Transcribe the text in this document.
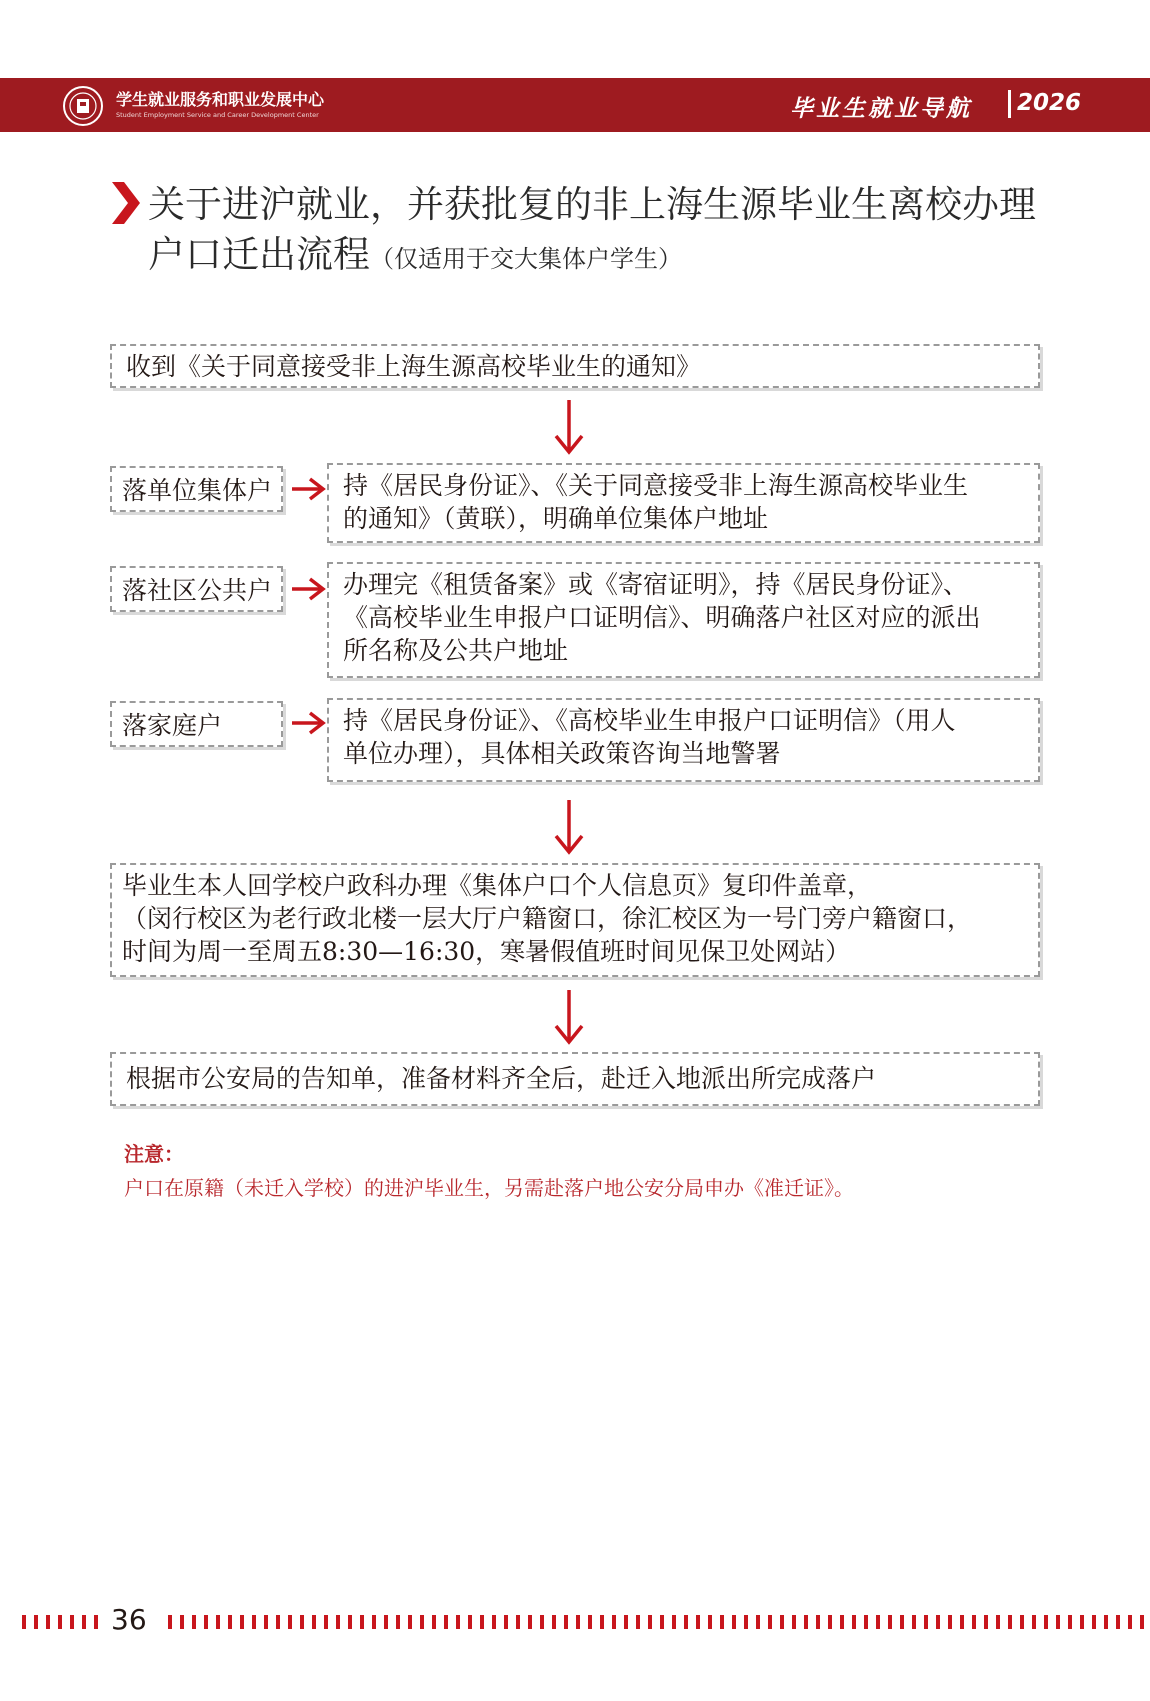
学生就业服务和职业发展中心
Student Employment Service and Career Development Center	毕业生就业导航 2026
关于进沪就业，并获批复的非上海生源毕业生离校办理
户口迁出流程（仅适用于交大集体户学生）
收到《关于同意接受非上海生源高校毕业生的通知》
落单位集体户	持《居民身份证》、《关于同意接受非上海生源高校毕业生
的通知》（黄联），明确单位集体户地址
落社区公共户	办理完《租赁备案》或《寄宿证明》，持《居民身份证》、
《高校毕业生申报户口证明信》、明确落户社区对应的派出
所名称及公共户地址
落家庭户	持《居民身份证》、《高校毕业生申报户口证明信》（用人
单位办理），具体相关政策咨询当地警署
毕业生本人回学校户政科办理《集体户口个人信息页》复印件盖章，
（闵行校区为老行政北楼一层大厅户籍窗口，徐汇校区为一号门旁户籍窗口，
时间为周一至周五8:30—16:30，寒暑假值班时间见保卫处网站）
根据市公安局的告知单，准备材料齐全后，赴迁入地派出所完成落户
注意：
户口在原籍（未迁入学校）的进沪毕业生，另需赴落户地公安分局申办《准迁证》。
36
